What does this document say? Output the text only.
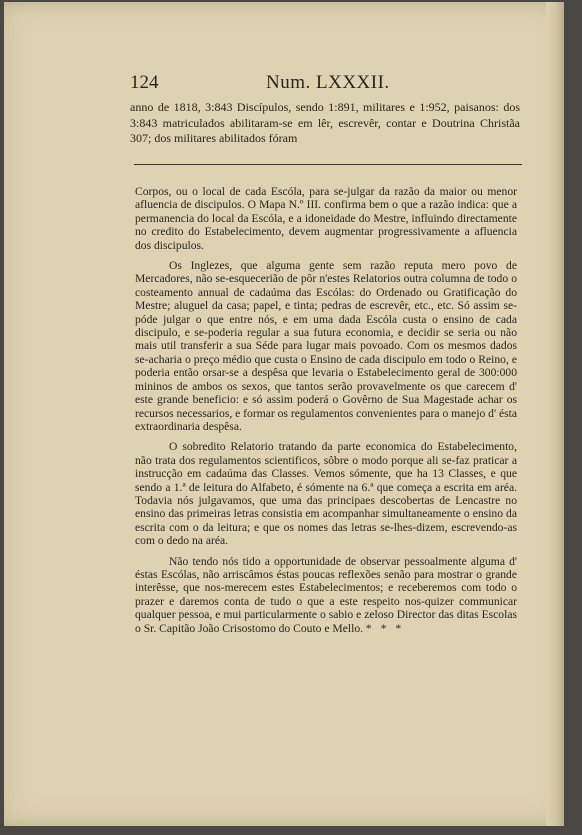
124	Num. LXXXII.
anno de 1818, 3:843 Discípulos, sendo 1:891, militares e 1:952, paisanos: dos 3:843 matriculados abilitaram-se em lêr, escrevêr, contar e Doutrina Christãa 307; dos militares abilitados fóram

Corpos, ou o local de cada Escóla, para se-julgar da razão da maior ou menor afluencia de discipulos. O Mapa N.º III. confirma bem o que a razão indica: que a permanencia do local da Escóla, e a idoneidade do Mestre, influindo directamente no credito do Estabelecimento, devem augmentar progressivamente a afluencia dos discipulos.

Os Inglezes, que alguma gente sem razão reputa mero povo de Mercadores, não se-esquecerião de pôr n'estes Relatorios outra columna de todo o costeamento annual de cadaúma das Escólas: do Ordenado ou Gratificação do Mestre; aluguel da casa; papel, e tinta; pedras de escrevêr, etc., etc. Só assim se-póde julgar o que entre nós, e em uma dada Escóla custa o ensino de cada discipulo, e se-poderia regular a sua futura economia, e decidir se seria ou não mais util transferir a sua Séde para lugar mais povoado. Com os mesmos dados se-acharia o preço médio que custa o Ensino de cada discipulo em todo o Reino, e poderia então orsar-se a despêsa que levaria o Estabelecimento geral de 300:000 mininos de ambos os sexos, que tantos serão provavelmente os que carecem d' este grande beneficio: e só assim poderá o Govêrno de Sua Magestade achar os recursos necessarios, e formar os regulamentos convenientes para o manejo d' ésta extraordinaria despêsa.

O sobredito Relatorio tratando da parte economica do Estabelecimento, não trata dos regulamentos scientificos, sôbre o modo porque ali se-faz praticar a instrucção em cadaúma das Classes. Vemos sómente, que ha 13 Classes, e que sendo a 1.ª de leitura do Alfabeto, é sómente na 6.ª que começa a escrita em aréa. Todavia nós julgavamos, que uma das principaes descobertas de Lencastre no ensino das primeiras letras consistia em acompanhar simultaneamente o ensino da escrita com o da leitura; e que os nomes das letras se-lhes-dizem, escrevendo-as com o dedo na aréa.

Não tendo nós tido a opportunidade de observar pessoalmente alguma d' éstas Escólas, não arriscâmos éstas poucas reflexões senão para mostrar o grande interêsse, que nos-merecem estes Estabelecimentos; e receberemos com todo o prazer e daremos conta de tudo o que a este respeito nos-quizer communicar qualquer pessoa, e mui particularmente o sabio e zeloso Director das ditas Escolas o Sr. Capitão João Crisostomo do Couto e Mello. * * *
